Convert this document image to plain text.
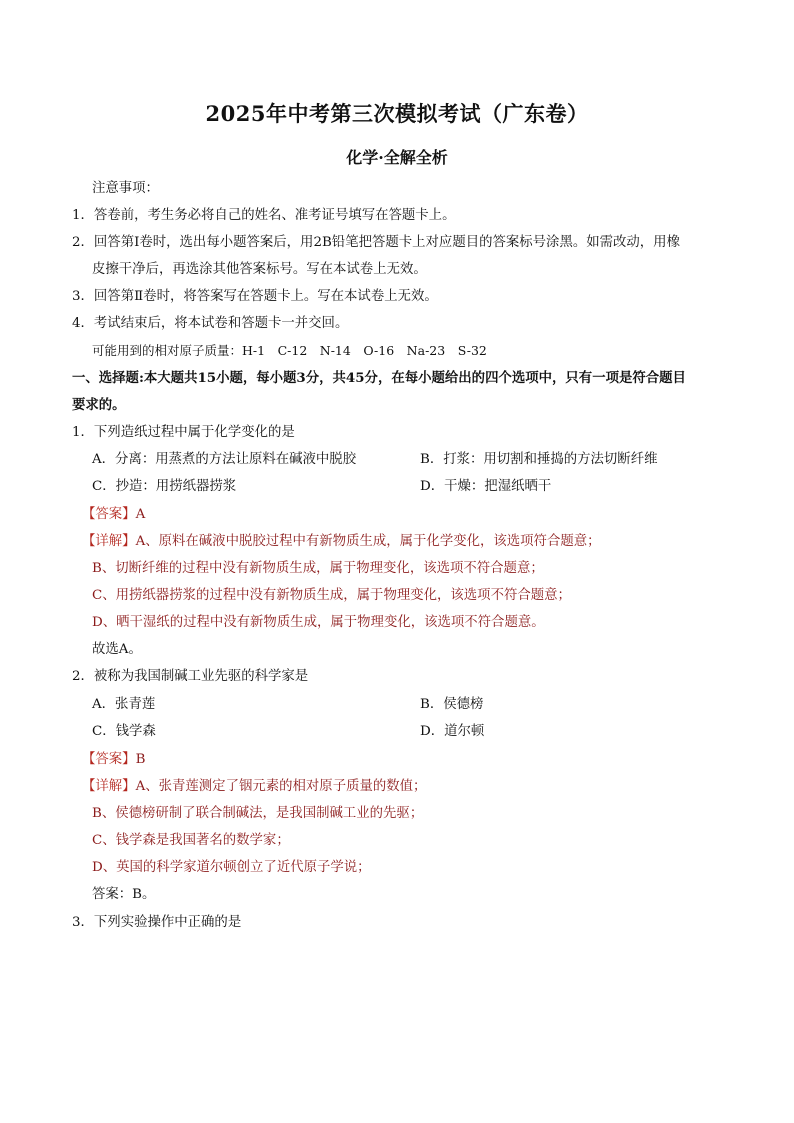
2025年中考第三次模拟考试（广东卷）
化学·全解全析
注意事项：
1．答卷前，考生务必将自己的姓名、准考证号填写在答题卡上。
2．回答第Ⅰ卷时，选出每小题答案后，用2B铅笔把答题卡上对应题目的答案标号涂黑。如需改动，用橡
皮擦干净后，再选涂其他答案标号。写在本试卷上无效。
3．回答第Ⅱ卷时，将答案写在答题卡上。写在本试卷上无效。
4．考试结束后，将本试卷和答题卡一并交回。
可能用到的相对原子质量：H-1　C-12　N-14　O-16　Na-23　S-32
一、选择题:本大题共15小题，每小题3分，共45分，在每小题给出的四个选项中，只有一项是符合题目
要求的。
1．下列造纸过程中属于化学变化的是
A．分离：用蒸煮的方法让原料在碱液中脱胶	B．打浆：用切割和捶捣的方法切断纤维
C．抄造：用捞纸器捞浆	D．干燥：把湿纸晒干
【答案】A
【详解】A、原料在碱液中脱胶过程中有新物质生成，属于化学变化，该选项符合题意；
B、切断纤维的过程中没有新物质生成，属于物理变化，该选项不符合题意；
C、用捞纸器捞浆的过程中没有新物质生成，属于物理变化，该选项不符合题意；
D、晒干湿纸的过程中没有新物质生成，属于物理变化，该选项不符合题意。
故选A。
2．被称为我国制碱工业先驱的科学家是
A．张青莲	B．侯德榜
C．钱学森	D．道尔顿
【答案】B
【详解】A、张青莲测定了铟元素的相对原子质量的数值；
B、侯德榜研制了联合制碱法，是我国制碱工业的先驱；
C、钱学森是我国著名的数学家；
D、英国的科学家道尔顿创立了近代原子学说；
答案：B。
3．下列实验操作中正确的是
